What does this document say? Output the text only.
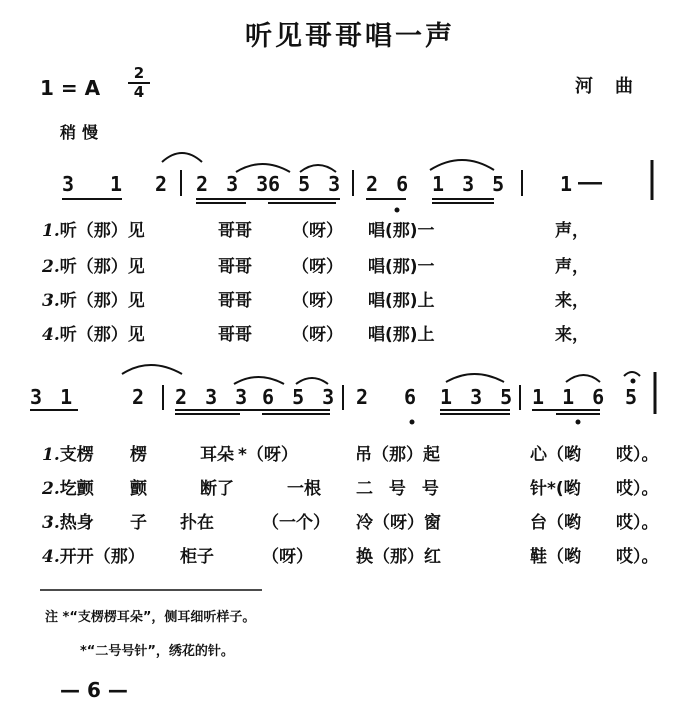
听见哥哥唱一声
1 = A
2
4	河曲
稍慢
3 1 2 2 3 3
6 5 3 2 6 1 3 5	1 ——
1.听（那）见	哥哥 （呀） 唱(那)一	声，
2.听（那）见	哥哥 （呀） 唱(那)一	声，
3.听（那）见	哥哥 （呀） 唱(那)上	来，
4.听（那）见	哥哥 （呀） 唱(那)上	来，
3 1	2 2 3 3 6 5 3 2 6 1 3 5 1 1 6 5
1.支楞 楞	耳朵 *（呀）	吊（那）起	心（哟 哎）。
2.圪颤 颤	断了	一根 二 号 号	针*(哟 哎）。
3.热身 子 扑在	（一个） 冷（呀）窗	台（哟 哎）。
4.开开（那） 柜子	（呀）	换（那）红	鞋（哟 哎）。
注 *“支楞楞耳朵”，侧耳细听样子。
*“二号号针”，绣花的针。
— 6 —
